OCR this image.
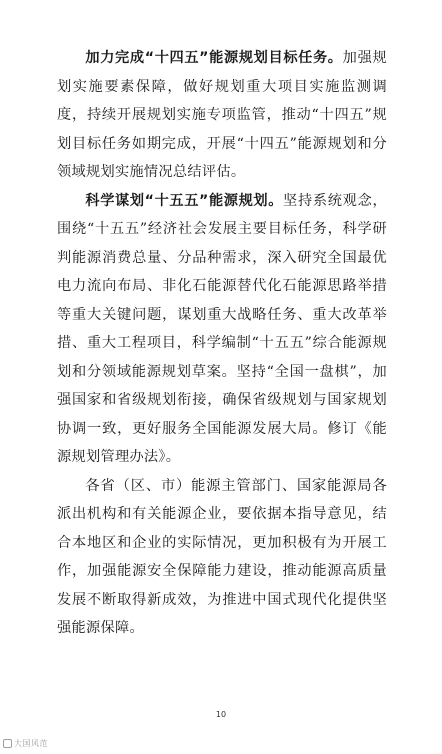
加力完成“十四五”能源规划目标任务。加强规划实施要素保障，做好规划重大项目实施监测调度，持续开展规划实施专项监管，推动“十四五”规划目标任务如期完成，开展“十四五”能源规划和分领域规划实施情况总结评估。

科学谋划“十五五”能源规划。坚持系统观念，围绕“十五五”经济社会发展主要目标任务，科学研判能源消费总量、分品种需求，深入研究全国最优电力流向布局、非化石能源替代化石能源思路举措等重大关键问题，谋划重大战略任务、重大改革举措、重大工程项目，科学编制“十五五”综合能源规划和分领域能源规划草案。坚持“全国一盘棋”，加强国家和省级规划衔接，确保省级规划与国家规划协调一致，更好服务全国能源发展大局。修订《能源规划管理办法》。

各省（区、市）能源主管部门、国家能源局各派出机构和有关能源企业，要依据本指导意见，结合本地区和企业的实际情况，更加积极有为开展工作，加强能源安全保障能力建设，推动能源高质量发展不断取得新成效，为推进中国式现代化提供坚强能源保障。

10
大国风范
